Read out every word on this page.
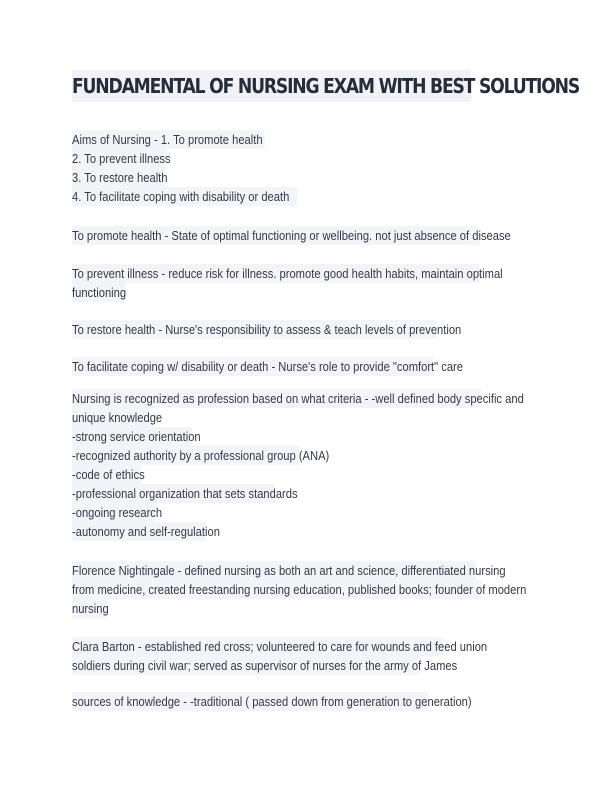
FUNDAMENTAL OF NURSING EXAM WITH BEST SOLUTIONS
Aims of Nursing - 1. To promote health
2. To prevent illness
3. To restore health
4. To facilitate coping with disability or death
To promote health - State of optimal functioning or wellbeing. not just absence of disease
To prevent illness - reduce risk for illness. promote good health habits, maintain optimal
functioning
To restore health - Nurse's responsibility to assess & teach levels of prevention
To facilitate coping w/ disability or death - Nurse's role to provide "comfort" care
Nursing is recognized as profession based on what criteria - -well defined body specific and
unique knowledge
-strong service orientation
-recognized authority by a professional group (ANA)
-code of ethics
-professional organization that sets standards
-ongoing research
-autonomy and self-regulation
Florence Nightingale - defined nursing as both an art and science, differentiated nursing
from medicine, created freestanding nursing education, published books; founder of modern
nursing
Clara Barton - established red cross; volunteered to care for wounds and feed union
soldiers during civil war; served as supervisor of nurses for the army of James
sources of knowledge - -traditional ( passed down from generation to generation)
